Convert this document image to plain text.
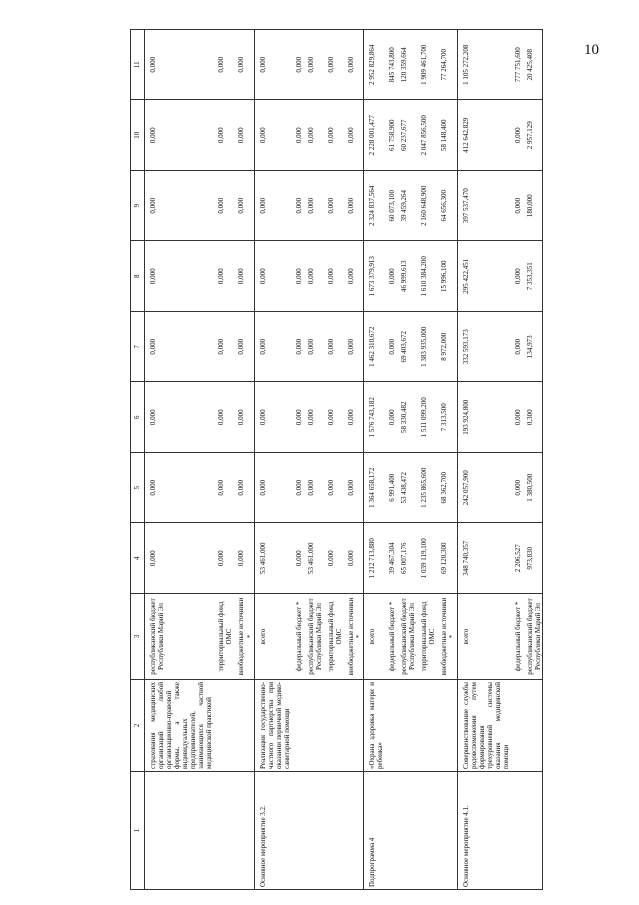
10
1	2	3	4	5	6	7	8	9	10	11
	страхования медицинских организаций любой организационно-правовой формы, а также индивидуальных предпринимателей, занимающихся частной медицинской практикой	республиканский бюджет Республики Марий Эл	0,000	0,000	0,000	0,000	0,000	0,000	0,000	0,000
		территориальный фонд ОМС	0,000	0,000	0,000	0,000	0,000	0,000	0,000	0,000
		внебюджетные источники *	0,000	0,000	0,000	0,000	0,000	0,000	0,000	0,000
Основное мероприятие 3.2.	Реализация государственно-частного партнерства при оказании первичной медико-санитарной помощи	всего	53 461,000	0,000	0,000	0,000	0,000	0,000	0,000	0,000
		федеральный бюджет *	0,000	0,000	0,000	0,000	0,000	0,000	0,000	0,000
		республиканский бюджет Республики Марий Эл	53 461,000	0,000	0,000	0,000	0,000	0,000	0,000	0,000
		территориальный фонд ОМС	0,000	0,000	0,000	0,000	0,000	0,000	0,000	0,000
		внебюджетные источники *	0,000	0,000	0,000	0,000	0,000	0,000	0,000	0,000
Подпрограмма 4	«Охрана здоровья матери и ребенка»	всего	1 212 713,880	1 364 658,172	1 576 743,182	1 462 310,672	1 673 379,913	2 324 837,564	2 228 001,477	2 952 829,864
		федеральный бюджет *	39 467,304	6 991,400	0,000	0,000	0,000	60 073,100	61 758,900	845 743,800
		республиканский бюджет Республики Марий Эл	65 007,176	53 438,472	58 330,482	69 403,672	46 999,613	39 459,264	60 237,677	120 359,664
		территориальный фонд ОМС	1 039 119,100	1 235 865,600	1 511 099,200	1 383 935,000	1 610 384,200	2 160 648,900	2 047 856,500	1 909 461,700
		внебюджетные источники *	69 120,300	68 362,700	7 313,500	8 972,000	15 996,100	64 656,300	58 148,400	77 264,700
Основное мероприятие 4.1.	Совершенствование службы родовспоможения путем формирования трехуровневой системы оказания медицинской помощи	всего	348 740,357	242 057,900	193 924,800	332 593,173	295 422,451	397 537,470	412 642,829	1 105 272,208
		федеральный бюджет *	2 206,527	0,000	0,000	0,000	0,000	0,000	0,000	777 751,600
		республиканский бюджет Республики Марий Эл	973,830	1 380,500	0,300	134,973	7 353,351	180,000	2 957,129	20 425,408
